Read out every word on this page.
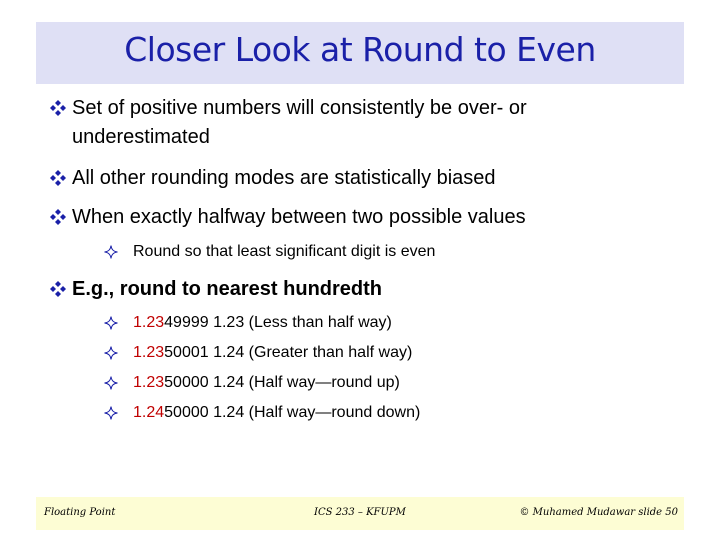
Closer Look at Round to Even
Set of positive numbers will consistently be over- or
underestimated
All other rounding modes are statistically biased
When exactly halfway between two possible values
Round so that least significant digit is even
E.g., round to nearest hundredth
1.2349999 1.23 (Less than half way)
1.2350001 1.24 (Greater than half way)
1.2350000 1.24 (Half way—round up)
1.2450000 1.24 (Half way—round down)
Floating Point	ICS 233 – KFUPM	© Muhamed Mudawar slide 50
